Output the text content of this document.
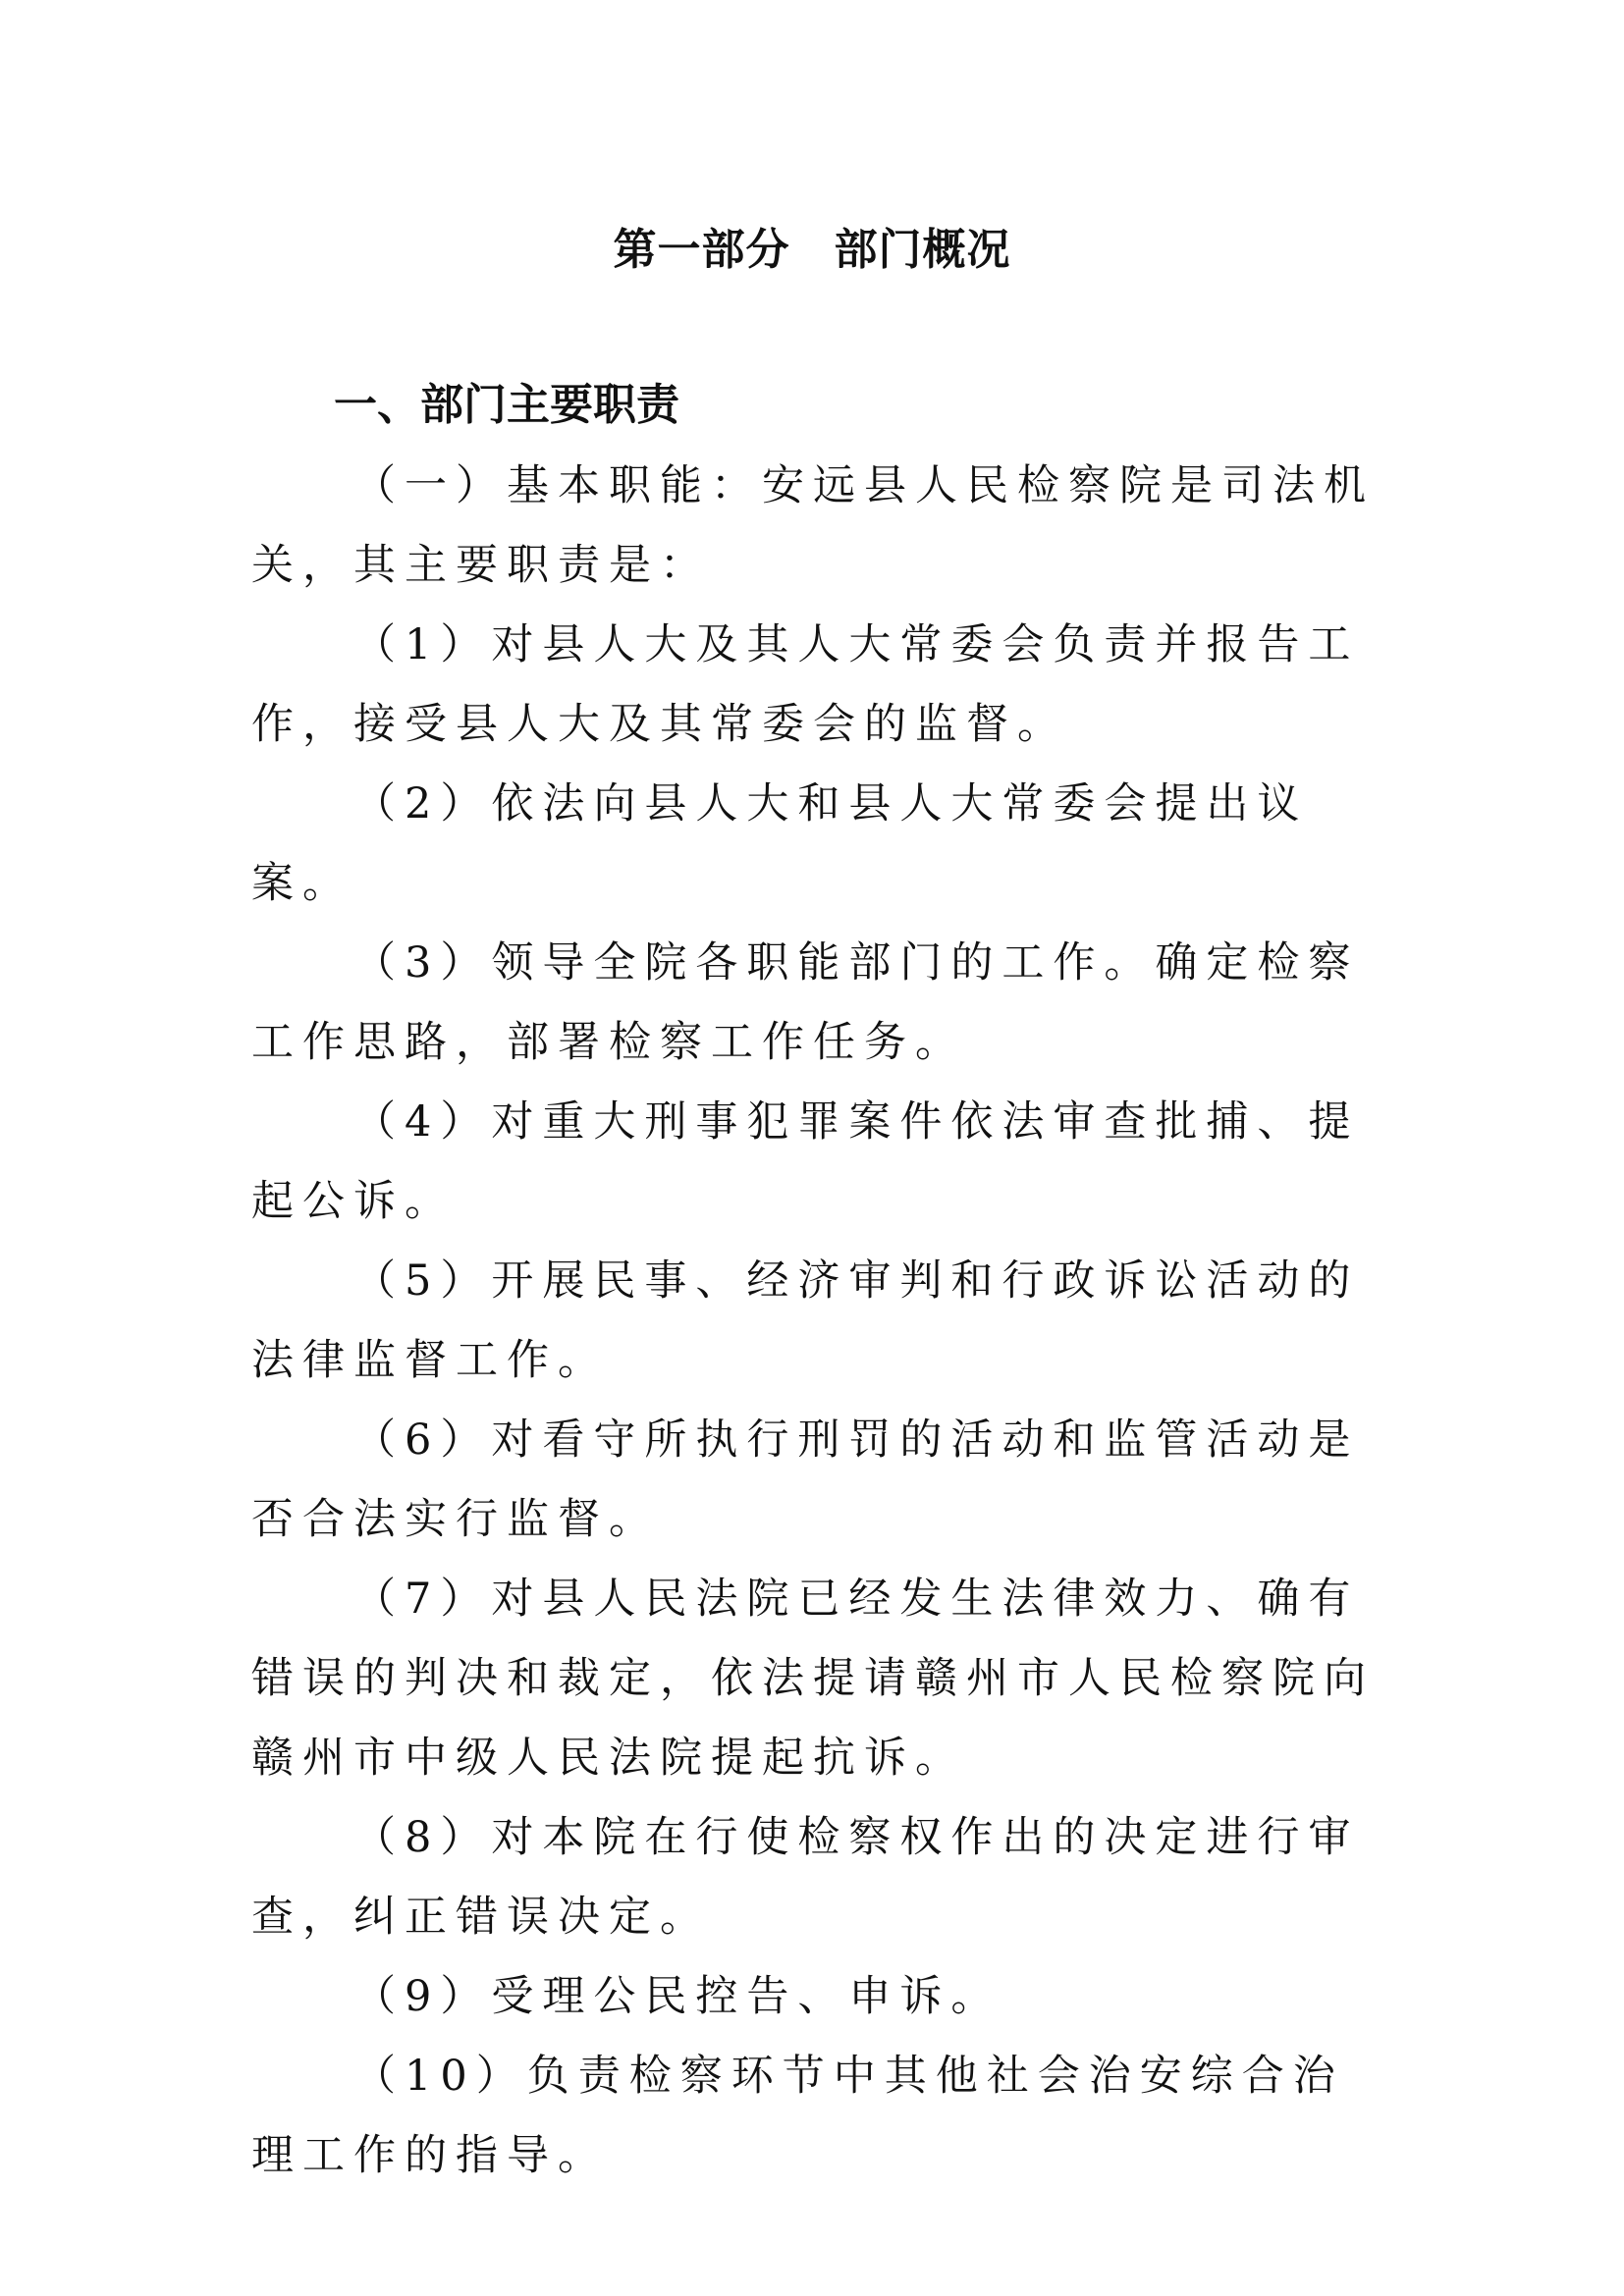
第一部分　部门概况
一、部门主要职责

（一）基本职能：安远县人民检察院是司法机关，其主要职责是：

（1）对县人大及其人大常委会负责并报告工作，接受县人大及其常委会的监督。

（2）依法向县人大和县人大常委会提出议案。

（3）领导全院各职能部门的工作。确定检察工作思路，部署检察工作任务。

（4）对重大刑事犯罪案件依法审查批捕、提起公诉。

（5）开展民事、经济审判和行政诉讼活动的法律监督工作。

（6）对看守所执行刑罚的活动和监管活动是否合法实行监督。

（7）对县人民法院已经发生法律效力、确有错误的判决和裁定，依法提请赣州市人民检察院向赣州市中级人民法院提起抗诉。

（8）对本院在行使检察权作出的决定进行审查，纠正错误决定。

（9）受理公民控告、申诉。

（10）负责检察环节中其他社会治安综合治理工作的指导。
